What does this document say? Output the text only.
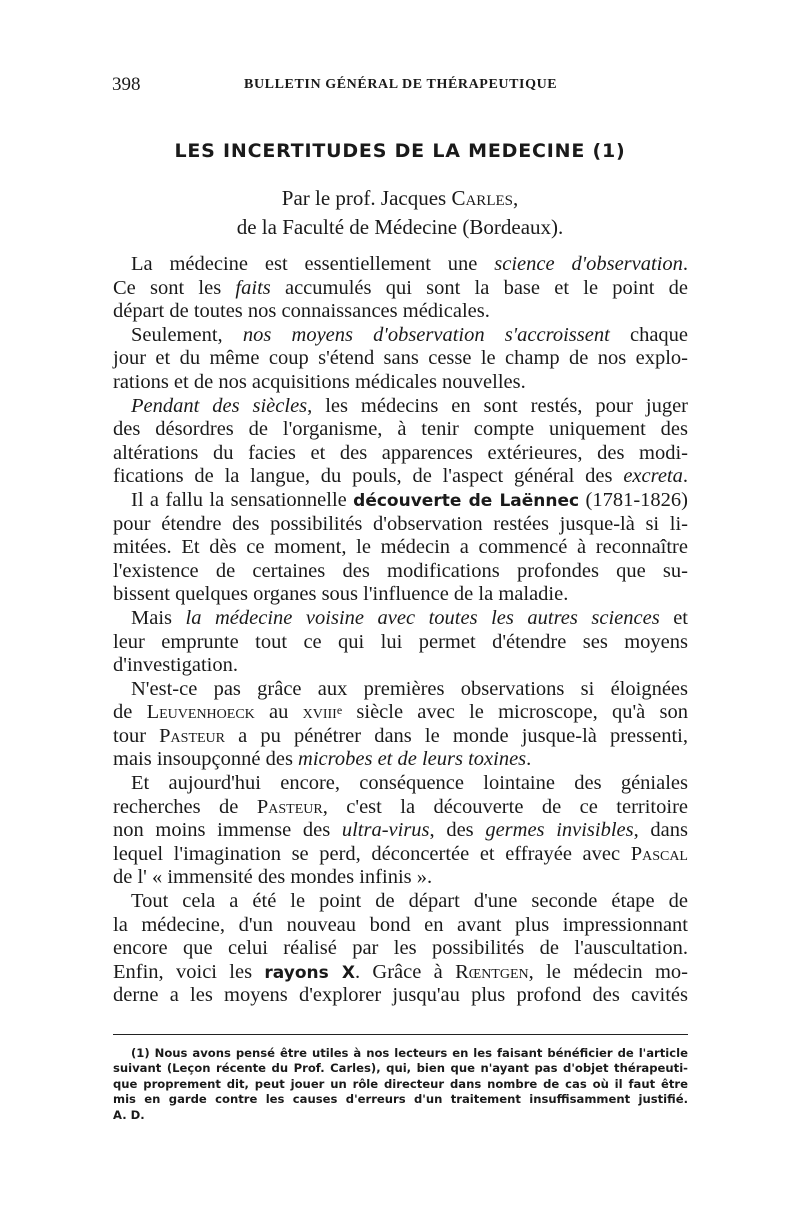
398	BULLETIN GÉNÉRAL DE THÉRAPEUTIQUE
LES INCERTITUDES DE LA MEDECINE (1)
Par le prof. Jacques Carles,
de la Faculté de Médecine (Bordeaux).
La médecine est essentiellement une science d'observation.
Ce sont les faits accumulés qui sont la base et le point de
départ de toutes nos connaissances médicales.
Seulement, nos moyens d'observation s'accroissent chaque
jour et du même coup s'étend sans cesse le champ de nos explo-
rations et de nos acquisitions médicales nouvelles.
Pendant des siècles, les médecins en sont restés, pour juger
des désordres de l'organisme, à tenir compte uniquement des
altérations du facies et des apparences extérieures, des modi-
fications de la langue, du pouls, de l'aspect général des excreta.
Il a fallu la sensationnelle découverte de Laënnec (1781-1826)
pour étendre des possibilités d'observation restées jusque-là si li-
mitées. Et dès ce moment, le médecin a commencé à reconnaître
l'existence de certaines des modifications profondes que su-
bissent quelques organes sous l'influence de la maladie.
Mais la médecine voisine avec toutes les autres sciences et
leur emprunte tout ce qui lui permet d'étendre ses moyens
d'investigation.
N'est-ce pas grâce aux premières observations si éloignées
de Leuvenhoeck au xviii$^e$ siècle avec le microscope, qu'à son
tour Pasteur a pu pénétrer dans le monde jusque-là pressenti,
mais insoupçonné des microbes et de leurs toxines.
Et aujourd'hui encore, conséquence lointaine des géniales
recherches de Pasteur, c'est la découverte de ce territoire
non moins immense des ultra-virus, des germes invisibles, dans
lequel l'imagination se perd, déconcertée et effrayée avec Pascal
de l' « immensité des mondes infinis ».
Tout cela a été le point de départ d'une seconde étape de
la médecine, d'un nouveau bond en avant plus impressionnant
encore que celui réalisé par les possibilités de l'auscultation.
Enfin, voici les rayons X. Grâce à Rœntgen, le médecin mo-
derne a les moyens d'explorer jusqu'au plus profond des cavités
(1) Nous avons pensé être utiles à nos lecteurs en les faisant bénéficier de l'article
suivant (Leçon récente du Prof. Carles), qui, bien que n'ayant pas d'objet thérapeuti-
que proprement dit, peut jouer un rôle directeur dans nombre de cas où il faut être
mis en garde contre les causes d'erreurs d'un traitement insuffisamment justifié.
A. D.
